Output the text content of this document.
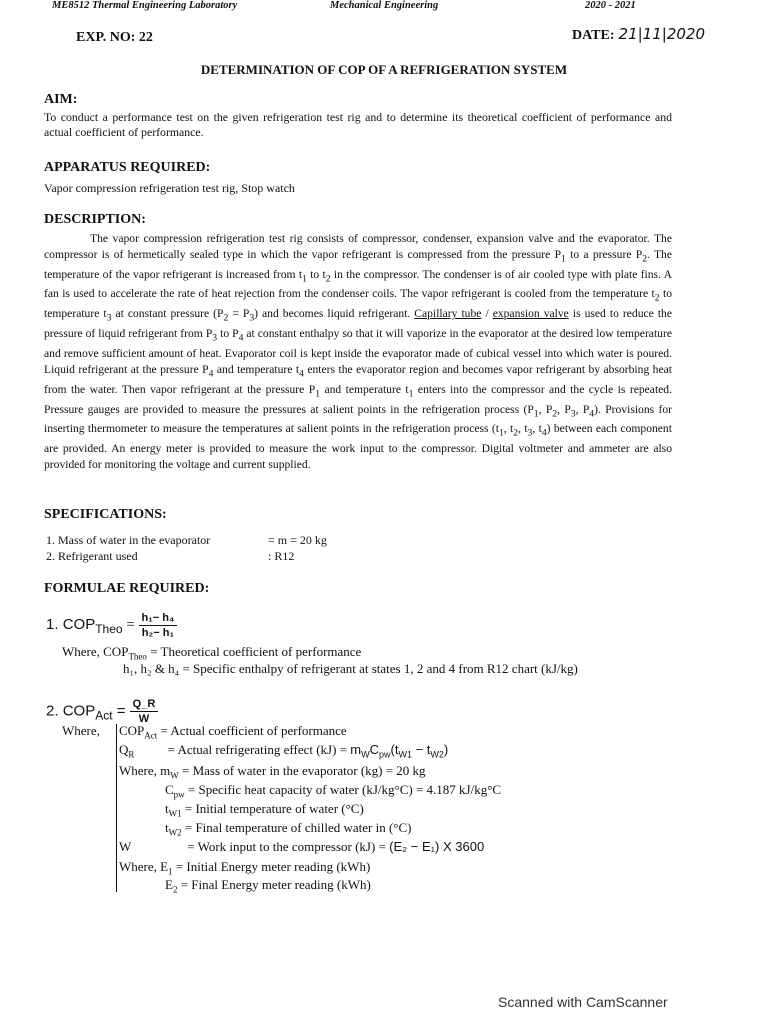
ME8512 Thermal Engineering Laboratory	Mechanical Engineering	2020 - 2021
EXP. NO: 22	DATE: 21|11|2020
DETERMINATION OF COP OF A REFRIGERATION SYSTEM
AIM:
To conduct a performance test on the given refrigeration test rig and to determine its theoretical coefficient of performance and actual coefficient of performance.
APPARATUS REQUIRED:
Vapor compression refrigeration test rig, Stop watch
DESCRIPTION:
The vapor compression refrigeration test rig consists of compressor, condenser, expansion valve and the evaporator. The compressor is of hermetically sealed type in which the vapor refrigerant is compressed from the pressure $P_1$ to a pressure $P_2$. The temperature of the vapor refrigerant is increased from $t_1$ to $t_2$ in the compressor. The condenser is of air cooled type with plate fins. A fan is used to accelerate the rate of heat rejection from the condenser coils. The vapor refrigerant is cooled from the temperature $t_2$ to temperature $t_3$ at constant pressure $(P_2 = P_3)$ and becomes liquid refrigerant. Capillary tube / expansion valve is used to reduce the pressure of liquid refrigerant from $P_3$ to $P_4$ at constant enthalpy so that it will vaporize in the evaporator at the desired low temperature and remove sufficient amount of heat. Evaporator coil is kept inside the evaporator made of cubical vessel into which water is poured. Liquid refrigerant at the pressure $P_4$ and temperature $t_4$ enters the evaporator region and becomes vapor refrigerant by absorbing heat from the water. Then vapor refrigerant at the pressure $P_1$ and temperature $t_1$ enters into the compressor and the cycle is repeated. Pressure gauges are provided to measure the pressures at salient points in the refrigeration process ($P_1$, $P_2$, $P_3$, $P_4$). Provisions for inserting thermometer to measure the temperatures at salient points in the refrigeration process ($t_1$, $t_2$, $t_3$, $t_4$) between each component are provided. An energy meter is provided to measure the work input to the compressor. Digital voltmeter and ammeter are also provided for monitoring the voltage and current supplied.
SPECIFICATIONS:
1. Mass of water in the evaporator	= m = 20 kg
2. Refrigerant used	: R12
FORMULAE REQUIRED:
1. $COP_{Theo} = \frac{\text{h₁− h₄}}{\text{h₂− h₁}}$
Where, $COP_{Theo}$ = Theoretical coefficient of performance
h₁, h₂ & h₄ = Specific enthalpy of refrigerant at states 1, 2 and 4 from R12 chart (kJ/kg)
2. $COP_{Act} = \frac{Q\_R}{W}$
Where, $COP_{Act}$ = Actual coefficient of performance
$Q_R$	= Actual refrigerating effect $(kJ) = m_WC_{pw}(t_{W1} - t_{W2})$
Where, $m_W$ = Mass of water in the evaporator (kg) = 20 kg
$C_{pw}$ = Specific heat capacity of water (kJ/kg°C) = 4.187 kJ/kg°C
$t_{W1}$ = Initial temperature of water (°C)
$t_{W2}$ = Final temperature of chilled water in (°C)
W	= Work input to the compressor (kJ) = (E₂ − E₁) X 3600
Where, $E_1$ = Initial Energy meter reading (kWh)
$E_2$ = Final Energy meter reading (kWh)
Scanned with CamScanner
